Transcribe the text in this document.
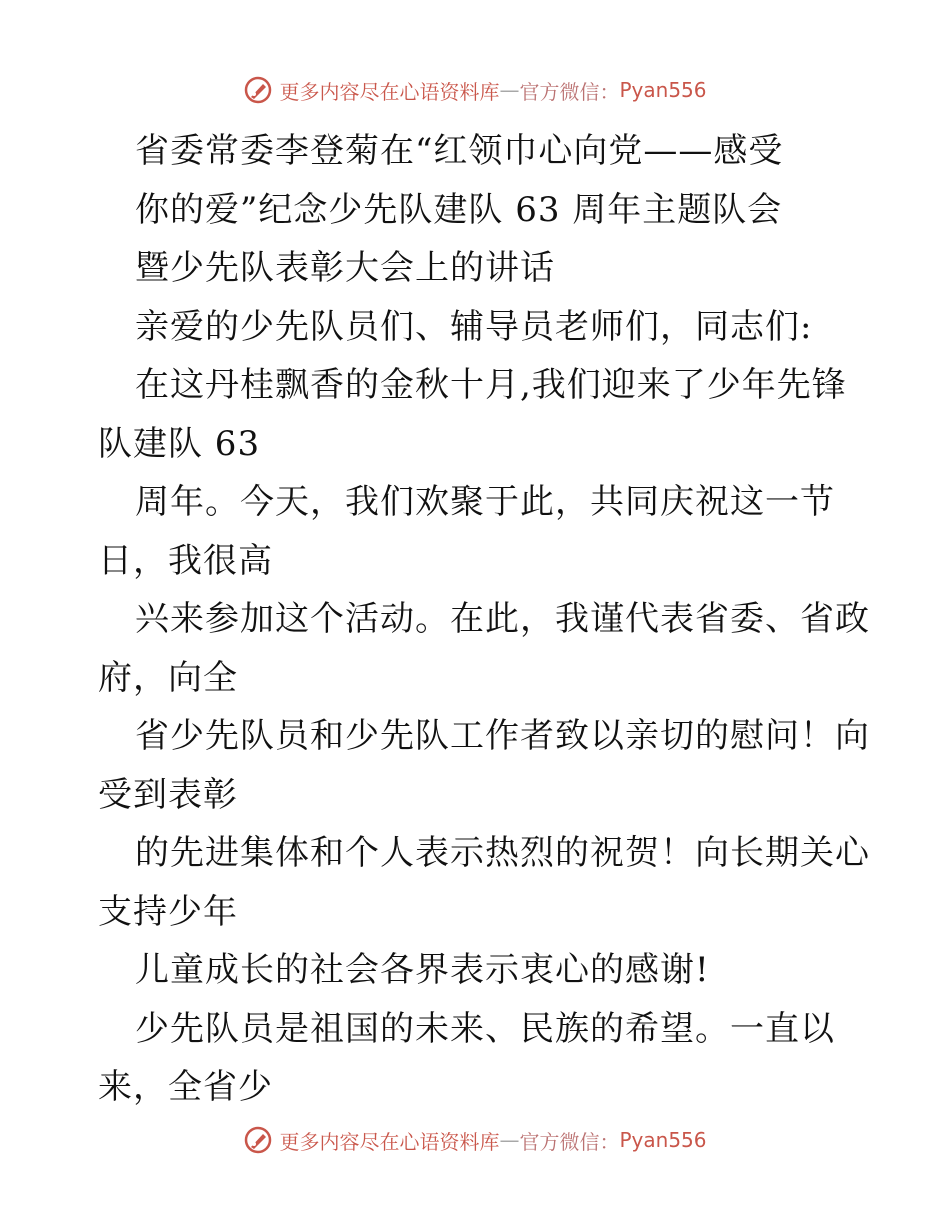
更多内容尽在心语资料库 — 官方微信： Pyan556
省委常委李登菊在“红领巾心向党——感受
你的爱”纪念少先队建队 63 周年主题队会
暨少先队表彰大会上的讲话
亲爱的少先队员们、辅导员老师们，同志们:
在这丹桂飘香的金秋十月,我们迎来了少年先锋
队建队 63
周年。今天，我们欢聚于此，共同庆祝这一节
日，我很高
兴来参加这个活动。在此，我谨代表省委、省政
府，向全
省少先队员和少先队工作者致以亲切的慰问！向
受到表彰
的先进集体和个人表示热烈的祝贺！向长期关心
支持少年
儿童成长的社会各界表示衷心的感谢!
少先队员是祖国的未来、民族的希望。一直以
来，全省少
更多内容尽在心语资料库 — 官方微信： Pyan556
